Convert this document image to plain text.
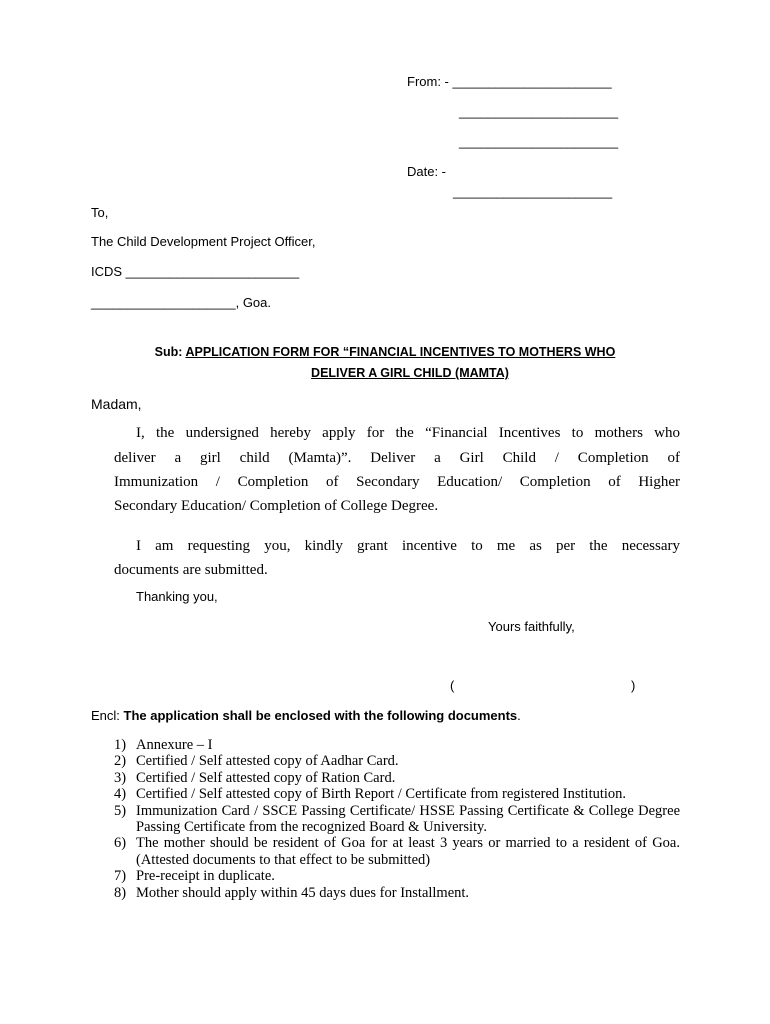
From: - ______________________
______________________
______________________
Date: -
______________________
To,
The Child Development Project Officer,
ICDS ________________________
____________________, Goa.
Sub: APPLICATION FORM FOR “FINANCIAL INCENTIVES TO MOTHERS WHO
DELIVER A GIRL CHILD (MAMTA)
Madam,
I, the undersigned hereby apply for the “Financial Incentives to mothers who
deliver a girl child (Mamta)”. Deliver a Girl Child / Completion of
Immunization / Completion of Secondary Education/ Completion of Higher
Secondary Education/ Completion of College Degree.
I am requesting you, kindly grant incentive to me as per the necessary
documents are submitted.
Thanking you,
Yours faithfully,
(	)
Encl: The application shall be enclosed with the following documents.
1) Annexure – I
2) Certified / Self attested copy of Aadhar Card.
3) Certified / Self attested copy of Ration Card.
4) Certified / Self attested copy of Birth Report / Certificate from registered Institution.
5) Immunization Card / SSCE Passing Certificate/ HSSE Passing Certificate & College Degree Passing Certificate from the recognized Board & University.
6) The mother should be resident of Goa for at least 3 years or married to a resident of Goa. (Attested documents to that effect to be submitted)
7) Pre-receipt in duplicate.
8) Mother should apply within 45 days dues for Installment.
